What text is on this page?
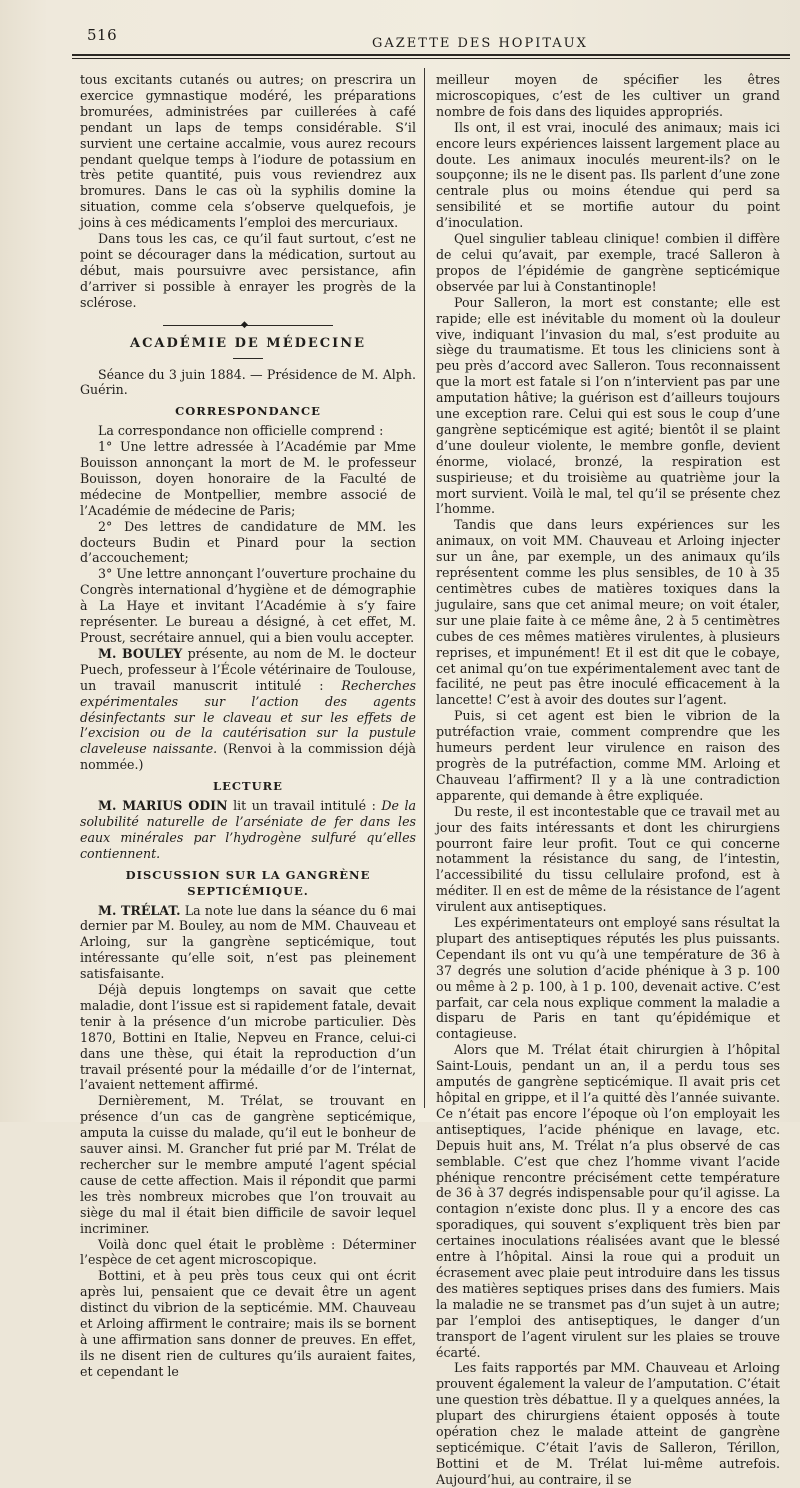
516	GAZETTE DES HOPITAUX

tous excitants cutanés ou autres; on prescrira un exercice gymnastique modéré, les préparations bromurées, administrées par cuillerées à café pendant un laps de temps considérable. S’il survient une certaine accalmie, vous aurez recours pendant quelque temps à l’iodure de potassium en très petite quantité, puis vous reviendrez aux bromures. Dans le cas où la syphilis domine la situation, comme cela s’observe quelquefois, je joins à ces médicaments l’emploi des mercuriaux.

Dans tous les cas, ce qu’il faut surtout, c’est ne point se décourager dans la médication, surtout au début, mais poursuivre avec persistance, afin d’arriver si possible à enrayer les progrès de la sclérose.

◆
ACADÉMIE DE MÉDECINE

Séance du 3 juin 1884. — Présidence de M. Alph. Guérin.

CORRESPONDANCE

La correspondance non officielle comprend :

1° Une lettre adressée à l’Académie par Mme Bouisson annonçant la mort de M. le professeur Bouisson, doyen honoraire de la Faculté de médecine de Montpellier, membre associé de l’Académie de médecine de Paris;

2° Des lettres de candidature de MM. les docteurs Budin et Pinard pour la section d’accouchement;

3° Une lettre annonçant l’ouverture prochaine du Congrès international d’hygiène et de démographie à La Haye et invitant l’Académie à s’y faire représenter. Le bureau a désigné, à cet effet, M. Proust, secrétaire annuel, qui a bien voulu accepter.

M. BOULEY présente, au nom de M. le docteur Puech, professeur à l’École vétérinaire de Toulouse, un travail manuscrit intitulé : Recherches expérimentales sur l’action des agents désinfectants sur le claveau et sur les effets de l’excision ou de la cautérisation sur la pustule claveleuse naissante. (Renvoi à la commission déjà nommée.)

LECTURE

M. MARIUS ODIN lit un travail intitulé : De la solubilité naturelle de l’arséniate de fer dans les eaux minérales par l’hydrogène sulfuré qu’elles contiennent.

DISCUSSION SUR LA GANGRÈNE SEPTICÉMIQUE.

M. TRÉLAT. La note lue dans la séance du 6 mai dernier par M. Bouley, au nom de MM. Chauveau et Arloing, sur la gangrène septicémique, tout intéressante qu’elle soit, n’est pas pleinement satisfaisante.

Déjà depuis longtemps on savait que cette maladie, dont l’issue est si rapidement fatale, devait tenir à la présence d’un microbe particulier. Dès 1870, Bottini en Italie, Nepveu en France, celui-ci dans une thèse, qui était la reproduction d’un travail présenté pour la médaille d’or de l’internat, l’avaient nettement affirmé.

Dernièrement, M. Trélat, se trouvant en présence d’un cas de gangrène septicémique, amputa la cuisse du malade, qu’il eut le bonheur de sauver ainsi. M. Grancher fut prié par M. Trélat de rechercher sur le membre amputé l’agent spécial cause de cette affection. Mais il répondit que parmi les très nombreux microbes que l’on trouvait au siège du mal il était bien difficile de savoir lequel incriminer.

Voilà donc quel était le problème : Déterminer l’espèce de cet agent microscopique.

Bottini, et à peu près tous ceux qui ont écrit après lui, pensaient que ce devait être un agent distinct du vibrion de la septicémie. MM. Chauveau et Arloing affirment le contraire; mais ils se bornent à une affirmation sans donner de preuves. En effet, ils ne disent rien de cultures qu’ils auraient faites, et cependant le

meilleur moyen de spécifier les êtres microscopiques, c’est de les cultiver un grand nombre de fois dans des liquides appropriés.

Ils ont, il est vrai, inoculé des animaux; mais ici encore leurs expériences laissent largement place au doute. Les animaux inoculés meurent-ils? on le soupçonne; ils ne le disent pas. Ils parlent d’une zone centrale plus ou moins étendue qui perd sa sensibilité et se mortifie autour du point d’inoculation.

Quel singulier tableau clinique! combien il diffère de celui qu’avait, par exemple, tracé Salleron à propos de l’épidémie de gangrène septicémique observée par lui à Constantinople!

Pour Salleron, la mort est constante; elle est rapide; elle est inévitable du moment où la douleur vive, indiquant l’invasion du mal, s’est produite au siège du traumatisme. Et tous les cliniciens sont à peu près d’accord avec Salleron. Tous reconnaissent que la mort est fatale si l’on n’intervient pas par une amputation hâtive; la guérison est d’ailleurs toujours une exception rare. Celui qui est sous le coup d’une gangrène septicémique est agité; bientôt il se plaint d’une douleur violente, le membre gonfle, devient énorme, violacé, bronzé, la respiration est suspirieuse; et du troisième au quatrième jour la mort survient. Voilà le mal, tel qu’il se présente chez l’homme.

Tandis que dans leurs expériences sur les animaux, on voit MM. Chauveau et Arloing injecter sur un âne, par exemple, un des animaux qu’ils représentent comme les plus sensibles, de 10 à 35 centimètres cubes de matières toxiques dans la jugulaire, sans que cet animal meure; on voit étaler, sur une plaie faite à ce même âne, 2 à 5 centimètres cubes de ces mêmes matières virulentes, à plusieurs reprises, et impunément! Et il est dit que le cobaye, cet animal qu’on tue expérimentalement avec tant de facilité, ne peut pas être inoculé efficacement à la lancette! C’est à avoir des doutes sur l’agent.

Puis, si cet agent est bien le vibrion de la putréfaction vraie, comment comprendre que les humeurs perdent leur virulence en raison des progrès de la putréfaction, comme MM. Arloing et Chauveau l’affirment? Il y a là une contradiction apparente, qui demande à être expliquée.

Du reste, il est incontestable que ce travail met au jour des faits intéressants et dont les chirurgiens pourront faire leur profit. Tout ce qui concerne notamment la résistance du sang, de l’intestin, l’accessibilité du tissu cellulaire profond, est à méditer. Il en est de même de la résistance de l’agent virulent aux antiseptiques.

Les expérimentateurs ont employé sans résultat la plupart des antiseptiques réputés les plus puissants. Cependant ils ont vu qu’à une température de 36 à 37 degrés une solution d’acide phénique à 3 p. 100 ou même à 2 p. 100, à 1 p. 100, devenait active. C’est parfait, car cela nous explique comment la maladie a disparu de Paris en tant qu’épidémique et contagieuse.

Alors que M. Trélat était chirurgien à l’hôpital Saint-Louis, pendant un an, il a perdu tous ses amputés de gangrène septicémique. Il avait pris cet hôpital en grippe, et il l’a quitté dès l’année suivante. Ce n’était pas encore l’époque où l’on employait les antiseptiques, l’acide phénique en lavage, etc. Depuis huit ans, M. Trélat n’a plus observé de cas semblable. C’est que chez l’homme vivant l’acide phénique rencontre précisément cette température de 36 à 37 degrés indispensable pour qu’il agisse. La contagion n’existe donc plus. Il y a encore des cas sporadiques, qui souvent s’expliquent très bien par certaines inoculations réalisées avant que le blessé entre à l’hôpital. Ainsi la roue qui a produit un écrasement avec plaie peut introduire dans les tissus des matières septiques prises dans des fumiers. Mais la maladie ne se transmet pas d’un sujet à un autre; par l’emploi des antiseptiques, le danger d’un transport de l’agent virulent sur les plaies se trouve écarté.

Les faits rapportés par MM. Chauveau et Arloing prouvent également la valeur de l’amputation. C’était une question très débattue. Il y a quelques années, la plupart des chirurgiens étaient opposés à toute opération chez le malade atteint de gangrène septicémique. C’était l’avis de Salleron, Térillon, Bottini et de M. Trélat lui-même autrefois. Aujourd’hui, au contraire, il se
